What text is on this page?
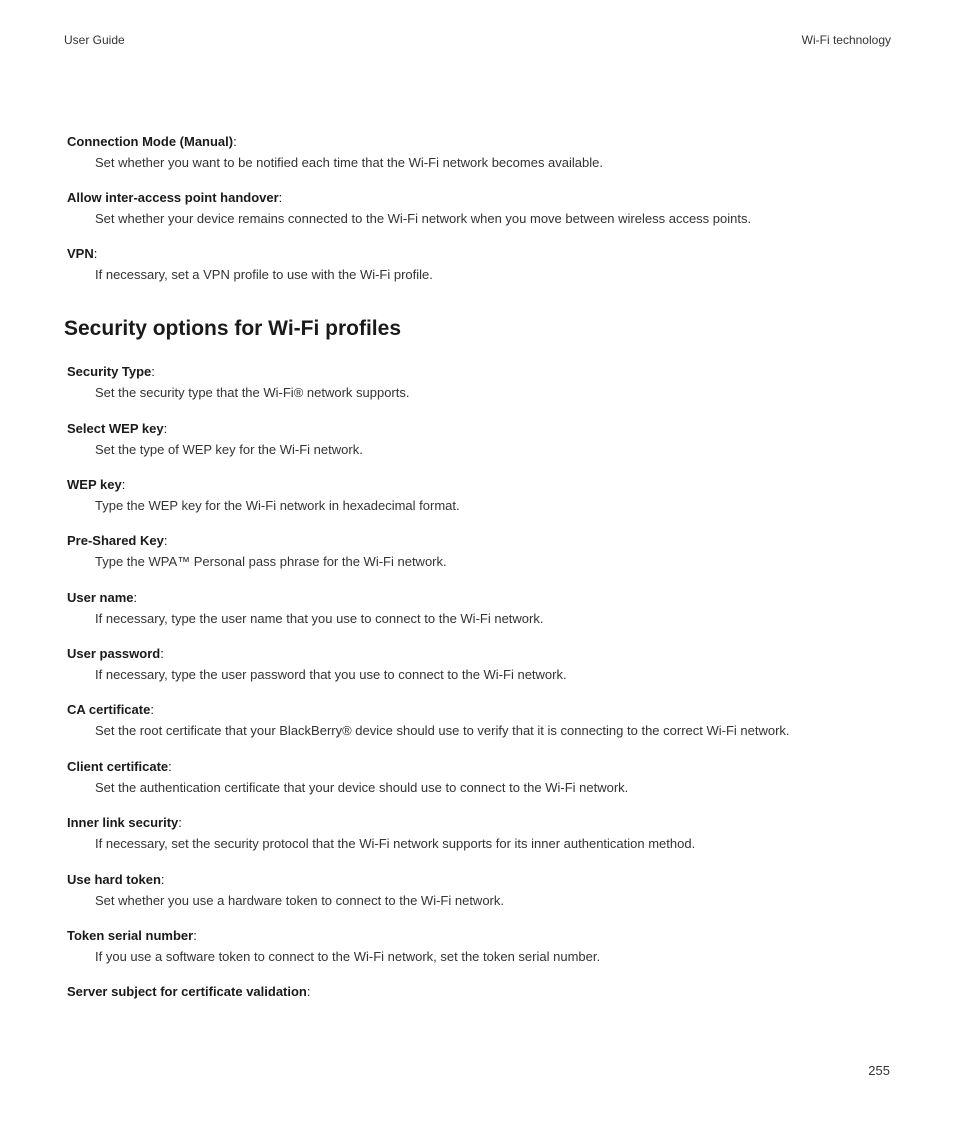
User Guide	Wi-Fi technology
Connection Mode (Manual):
Set whether you want to be notified each time that the Wi-Fi network becomes available.
Allow inter-access point handover:
Set whether your device remains connected to the Wi-Fi network when you move between wireless access points.
VPN:
If necessary, set a VPN profile to use with the Wi-Fi profile.
Security options for Wi-Fi profiles
Security Type:
Set the security type that the Wi-Fi® network supports.
Select WEP key:
Set the type of WEP key for the Wi-Fi network.
WEP key:
Type the WEP key for the Wi-Fi network in hexadecimal format.
Pre-Shared Key:
Type the WPA™ Personal pass phrase for the Wi-Fi network.
User name:
If necessary, type the user name that you use to connect to the Wi-Fi network.
User password:
If necessary, type the user password that you use to connect to the Wi-Fi network.
CA certificate:
Set the root certificate that your BlackBerry® device should use to verify that it is connecting to the correct Wi-Fi network.
Client certificate:
Set the authentication certificate that your device should use to connect to the Wi-Fi network.
Inner link security:
If necessary, set the security protocol that the Wi-Fi network supports for its inner authentication method.
Use hard token:
Set whether you use a hardware token to connect to the Wi-Fi network.
Token serial number:
If you use a software token to connect to the Wi-Fi network, set the token serial number.
Server subject for certificate validation:
255
